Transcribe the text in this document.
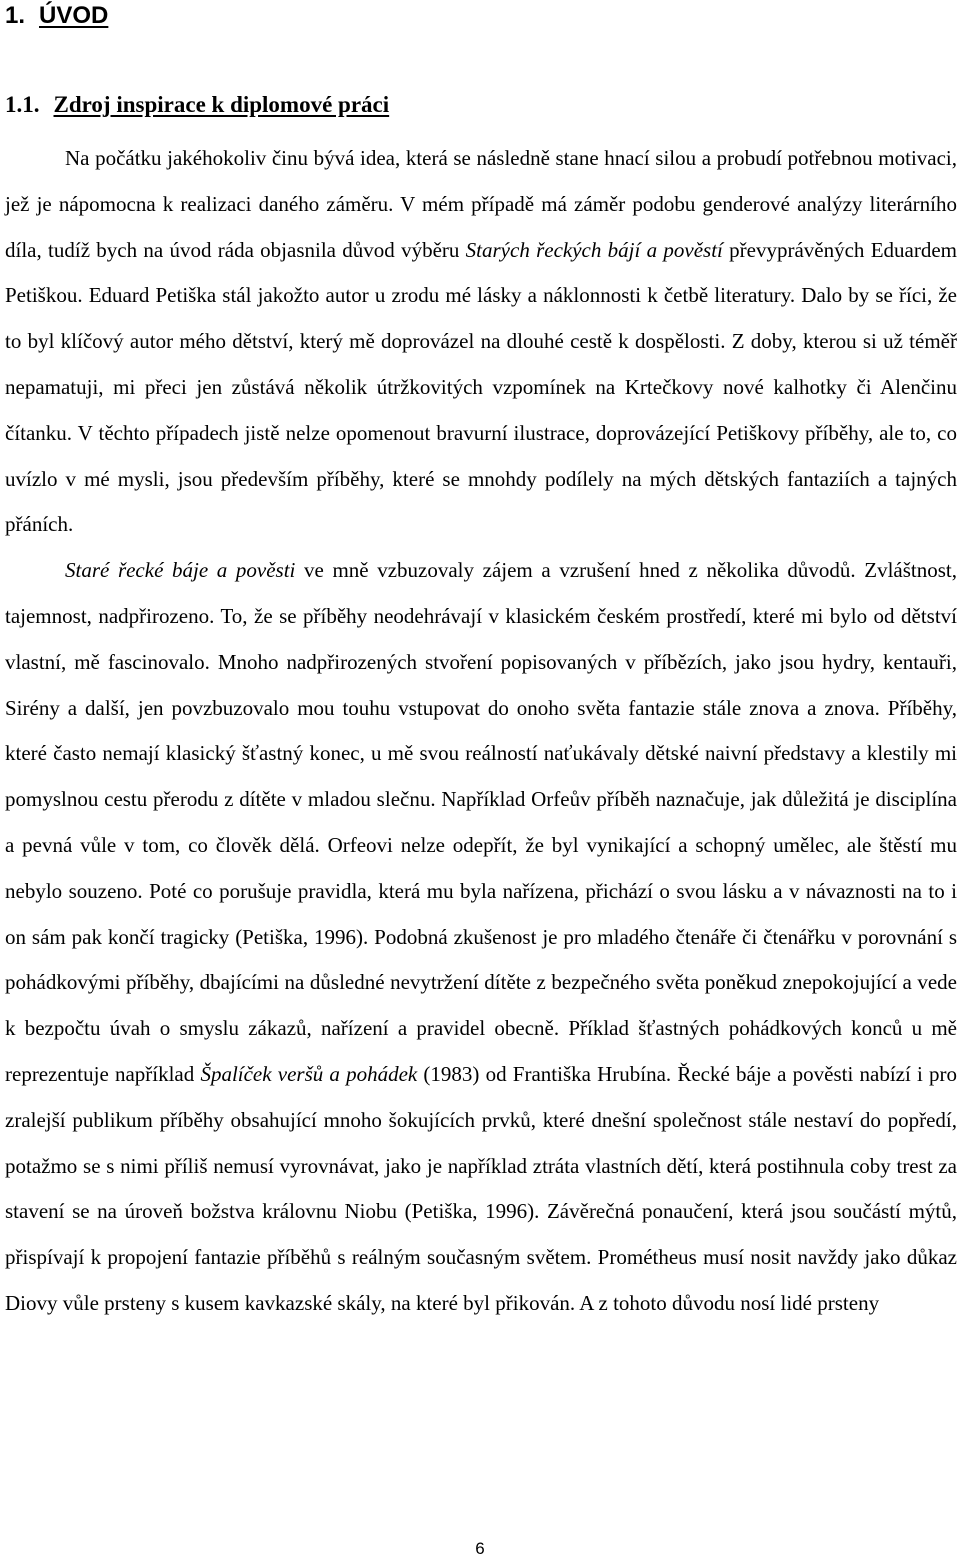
1. ÚVOD
1.1. Zdroj inspirace k diplomové práci

Na počátku jakéhokoliv činu bývá idea, která se následně stane hnací silou a probudí potřebnou motivaci, jež je nápomocna k realizaci daného záměru. V mém případě má záměr podobu genderové analýzy literárního díla, tudíž bych na úvod ráda objasnila důvod výběru Starých řeckých bájí a pověstí převyprávěných Eduardem Petiškou. Eduard Petiška stál jakožto autor u zrodu mé lásky a náklonnosti k četbě literatury. Dalo by se říci, že to byl klíčový autor mého dětství, který mě doprovázel na dlouhé cestě k dospělosti. Z doby, kterou si už téměř nepamatuji, mi přeci jen zůstává několik útržkovitých vzpomínek na Krtečkovy nové kalhotky či Alenčinu čítanku. V těchto případech jistě nelze opomenout bravurní ilustrace, doprovázející Petiškovy příběhy, ale to, co uvízlo v mé mysli, jsou především příběhy, které se mnohdy podílely na mých dětských fantaziích a tajných přáních.

Staré řecké báje a pověsti ve mně vzbuzovaly zájem a vzrušení hned z několika důvodů. Zvláštnost, tajemnost, nadpřirozeno. To, že se příběhy neodehrávají v klasickém českém prostředí, které mi bylo od dětství vlastní, mě fascinovalo. Mnoho nadpřirozených stvoření popisovaných v příbězích, jako jsou hydry, kentauři, Sirény a další, jen povzbuzovalo mou touhu vstupovat do onoho světa fantazie stále znova a znova. Příběhy, které často nemají klasický šťastný konec, u mě svou reálností naťukávaly dětské naivní představy a klestily mi pomyslnou cestu přerodu z dítěte v mladou slečnu. Například Orfeův příběh naznačuje, jak důležitá je disciplína a pevná vůle v tom, co člověk dělá. Orfeovi nelze odepřít, že byl vynikající a schopný umělec, ale štěstí mu nebylo souzeno. Poté co porušuje pravidla, která mu byla nařízena, přichází o svou lásku a v návaznosti na to i on sám pak končí tragicky (Petiška, 1996). Podobná zkušenost je pro mladého čtenáře či čtenářku v porovnání s pohádkovými příběhy, dbajícími na důsledné nevytržení dítěte z bezpečného světa poněkud znepokojující a vede k bezpočtu úvah o smyslu zákazů, nařízení a pravidel obecně. Příklad šťastných pohádkových konců u mě reprezentuje například Špalíček veršů a pohádek (1983) od Františka Hrubína. Řecké báje a pověsti nabízí i pro zralejší publikum příběhy obsahující mnoho šokujících prvků, které dnešní společnost stále nestaví do popředí, potažmo se s nimi příliš nemusí vyrovnávat, jako je například ztráta vlastních dětí, která postihnula coby trest za stavení se na úroveň božstva královnu Niobu (Petiška, 1996). Závěrečná ponaučení, která jsou součástí mýtů, přispívají k propojení fantazie příběhů s reálným současným světem. Prométheus musí nosit navždy jako důkaz Diovy vůle prsteny s kusem kavkazské skály, na které byl přikován. A z tohoto důvodu nosí lidé prsteny

6
